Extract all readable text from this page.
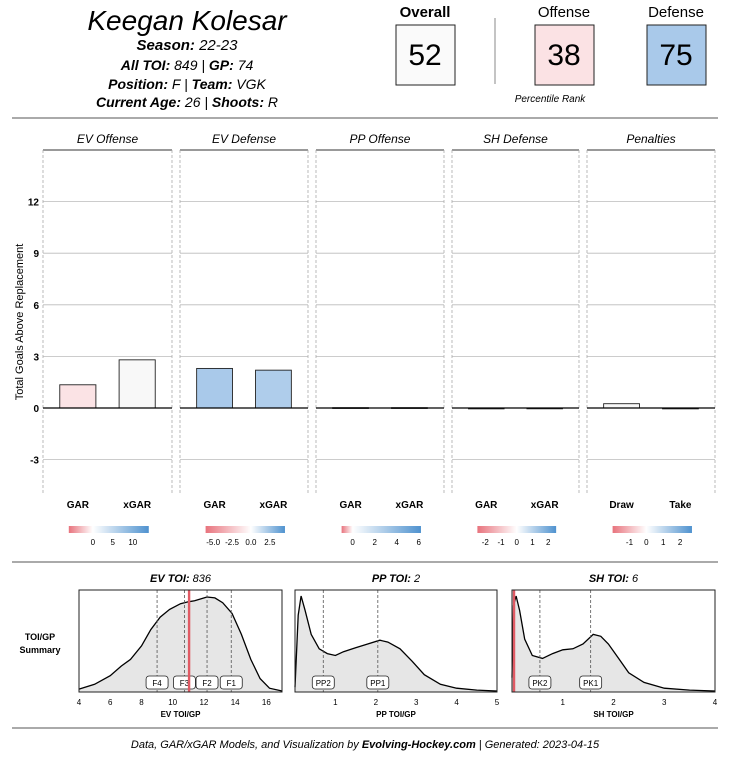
Keegan Kolesar
Season: 22-23
All TOI: 849 | GP: 74
Position: F | Team: VGK
Current Age: 26 | Shoots: R
Overall
52
Offense
38
Defense
75
Percentile Rank
Total Goals Above Replacement
-3
0
3
6
9
12
EV Offense
GAR	xGAR
0 5 10
EV Defense
GAR	xGAR
-5.0 -2.5 0.0 2.5
PP Offense
GAR	xGAR
0 2 4 6
SH Defense
GAR	xGAR
-2 -1 0 1 2
Penalties
Draw	Take
-1 0 1 2
TOI/GP
Summary
EV TOI: 836
F4 F3 F2 F1
4	6	8	10	12	14	16
EV TOI/GP
PP TOI: 2
PP2	PP1
1	2	3	4	5
PP TOI/GP
SH TOI: 6
PK2	PK1
1	2	3	4
SH TOI/GP
Data, GAR/xGAR Models, and Visualization by Evolving-Hockey.com | Generated: 2023-04-15
